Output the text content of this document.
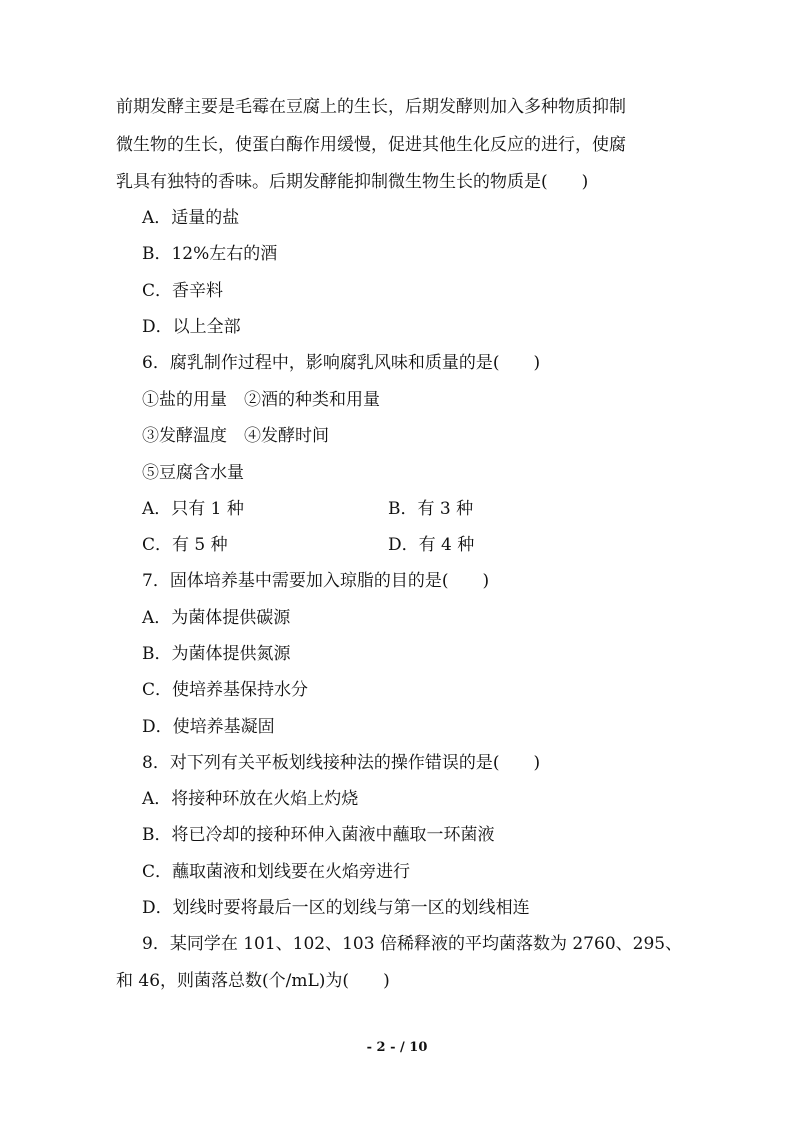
前期发酵主要是毛霉在豆腐上的生长，后期发酵则加入多种物质抑制
微生物的生长，使蛋白酶作用缓慢，促进其他生化反应的进行，使腐
乳具有独特的香味。后期发酵能抑制微生物生长的物质是(　　)
A．适量的盐
B．12%左右的酒
C．香辛料
D．以上全部
6．腐乳制作过程中，影响腐乳风味和质量的是(　　)
①盐的用量　②酒的种类和用量
③发酵温度　④发酵时间
⑤豆腐含水量
A．只有 1 种	B．有 3 种
C．有 5 种	D．有 4 种
7．固体培养基中需要加入琼脂的目的是(　　)
A．为菌体提供碳源
B．为菌体提供氮源
C．使培养基保持水分
D．使培养基凝固
8．对下列有关平板划线接种法的操作错误的是(　　)
A．将接种环放在火焰上灼烧
B．将已冷却的接种环伸入菌液中蘸取一环菌液
C．蘸取菌液和划线要在火焰旁进行
D．划线时要将最后一区的划线与第一区的划线相连
9．某同学在 101、102、103 倍稀释液的平均菌落数为 2760、295、
和 46，则菌落总数(个/mL)为(　　)
- 2 - / 10
